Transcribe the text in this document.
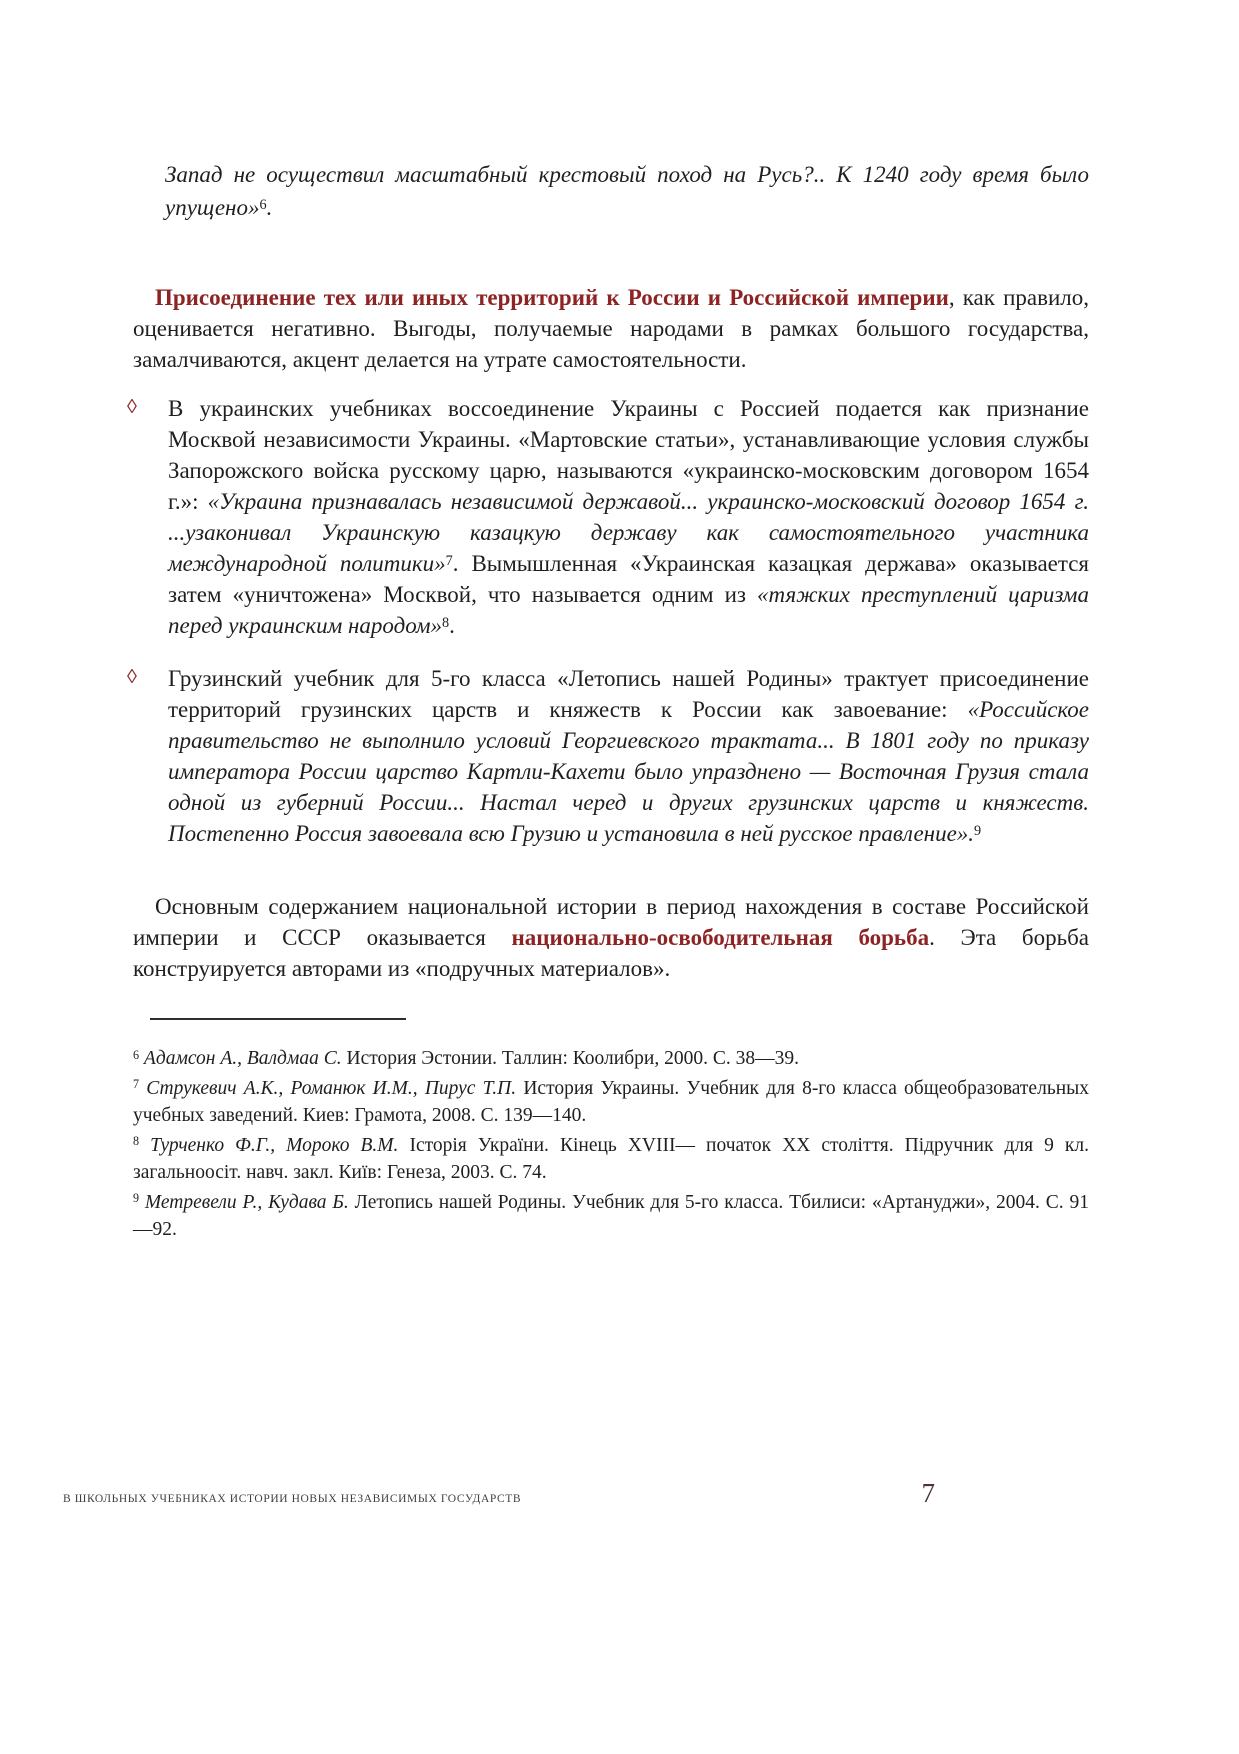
Запад не осуществил масштабный крестовый поход на Русь?.. К 1240 году время было упущено»$^6$.

Присоединение тех или иных территорий к России и Российской империи, как правило, оценивается негативно. Выгоды, получаемые народами в рамках большого государства, замалчиваются, акцент делается на утрате самостоятельности.

◊ В украинских учебниках воссоединение Украины с Россией подается как признание Москвой независимости Украины. «Мартовские статьи», устанавливающие условия службы Запорожского войска русскому царю, называются «украинско-московским договором 1654 г.»: «Украина признавалась независимой державой... украинско-московский договор 1654 г. ...узаконивал Украинскую казацкую державу как самостоятельного участника международной политики»$^7$. Вымышленная «Украинская казацкая держава» оказывается затем «уничтожена» Москвой, что называется одним из «тяжких преступлений царизма перед украинским народом»$^8$.

◊ Грузинский учебник для 5-го класса «Летопись нашей Родины» трактует присоединение территорий грузинских царств и княжеств к России как завоевание: «Российское правительство не выполнило условий Георгиевского трактата... В 1801 году по приказу императора России царство Картли-Кахети было упразднено — Восточная Грузия стала одной из губерний России... Настал черед и других грузинских царств и княжеств. Постепенно Россия завоевала всю Грузию и установила в ней русское правление».$^9$

Основным содержанием национальной истории в период нахождения в составе Российской империи и СССР оказывается национально-освободительная борьба. Эта борьба конструируется авторами из «подручных материалов».

$^6$ Адамсон А., Валдмаа С. История Эстонии. Таллин: Коолибри, 2000. С. 38—39.

$^7$ Струкевич А.К., Романюк И.М., Пирус Т.П. История Украины. Учебник для 8-го класса общеобразовательных учебных заведений. Киев: Грамота, 2008. С. 139—140.

$^8$ Турченко Ф.Г., Мороко В.М. Історія України. Кінець XVIII— початок XX століття. Підручник для 9 кл. загальноосіт. навч. закл. Київ: Генеза, 2003. С. 74.

$^9$ Метревели Р., Кудава Б. Летопись нашей Родины. Учебник для 5-го класса. Тбилиси: «Артануджи», 2004. С. 91—92.

В ШКОЛЬНЫХ УЧЕБНИКАХ ИСТОРИИ НОВЫХ НЕЗАВИСИМЫХ ГОСУДАРСТВ	7
